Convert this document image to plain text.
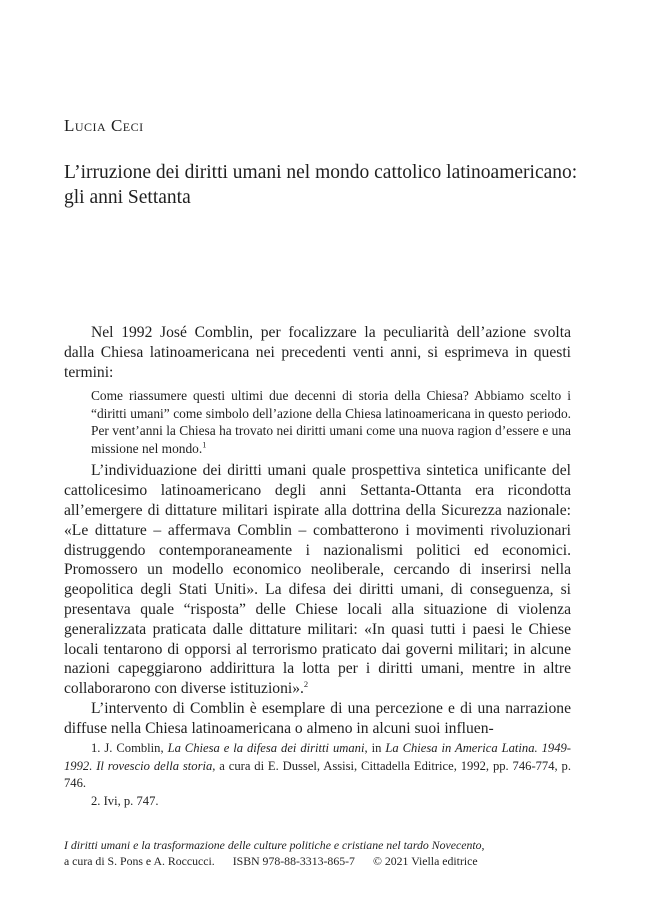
Lucia Ceci
L’irruzione dei diritti umani nel mondo cattolico latinoamericano: gli anni Settanta

Nel 1992 José Comblin, per focalizzare la peculiarità dell’azione svolta dalla Chiesa latinoamericana nei precedenti venti anni, si esprimeva in questi termini:

Come riassumere questi ultimi due decenni di storia della Chiesa? Abbiamo scelto i “diritti umani” come simbolo dell’azione della Chiesa latinoamericana in questo periodo. Per vent’anni la Chiesa ha trovato nei diritti umani come una nuova ragion d’essere e una missione nel mondo.$^1$

L’individuazione dei diritti umani quale prospettiva sintetica unificante del cattolicesimo latinoamericano degli anni Settanta-Ottanta era ricondotta all’emergere di dittature militari ispirate alla dottrina della Sicurezza nazionale: «Le dittature – affermava Comblin – combatterono i movimenti rivoluzionari distruggendo contemporaneamente i nazionalismi politici ed economici. Promossero un modello economico neoliberale, cercando di inserirsi nella geopolitica degli Stati Uniti». La difesa dei diritti umani, di conseguenza, si presentava quale “risposta” delle Chiese locali alla situazione di violenza generalizzata praticata dalle dittature militari: «In quasi tutti i paesi le Chiese locali tentarono di opporsi al terrorismo praticato dai governi militari; in alcune nazioni capeggiarono addirittura la lotta per i diritti umani, mentre in altre collaborarono con diverse istituzioni».$^2$

L’intervento di Comblin è esemplare di una percezione e di una narrazione diffuse nella Chiesa latinoamericana o almeno in alcuni suoi influen-

1. J. Comblin, La Chiesa e la difesa dei diritti umani, in La Chiesa in America Latina. 1949-1992. Il rovescio della storia, a cura di E. Dussel, Assisi, Cittadella Editrice, 1992, pp. 746-774, p. 746.

2. Ivi, p. 747.

I diritti umani e la trasformazione delle culture politiche e cristiane nel tardo Novecento,
a cura di S. Pons e A. Roccucci. ISBN 978-88-3313-865-7 © 2021 Viella editrice
